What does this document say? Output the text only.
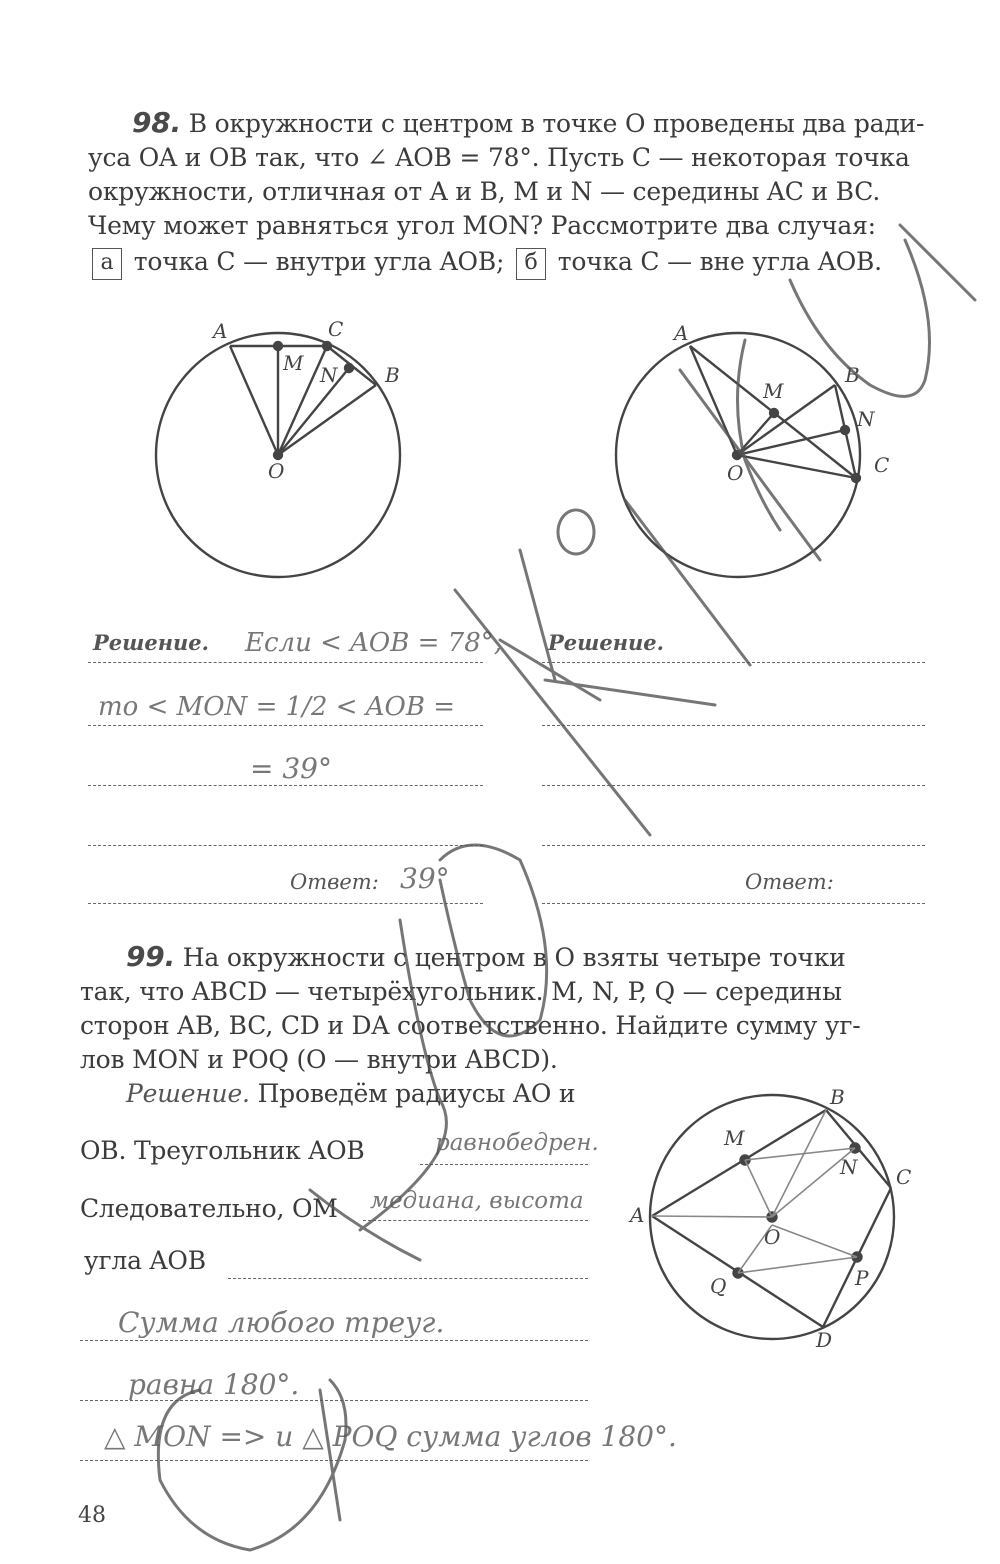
98. В окружности с центром в точке O проведены два ради-
уса OA и OB так, что ∠ AOB = 78°. Пусть C — некоторая точка
окружности, отличная от A и B, M и N — середины AC и BC.
Чему может равняться угол MON? Рассмотрите два случая:
а точка C — внутри угла AOB; б точка C — вне угла AOB.
A	C
M N B
O
A
M
B
N
O	C
B
M
N C
A
O
P
Q
D
Решение. Если < AOB = 78°,
то < MON = 1/2 < AOB =
= 39°
Ответ: 39°
Решение.
Ответ:
99. На окружности с центром в O взяты четыре точки
так, что ABCD — четырёхугольник. M, N, P, Q — середины
сторон AB, BC, CD и DA соответственно. Найдите сумму уг-
лов MON и POQ (O — внутри ABCD).
Решение. Проведём радиусы AO и
OB. Треугольник AOB	равнобедрен.
Следовательно, OM медиана, высота
угла AOB
Сумма любого треуг.
равна 180°.
△ MON => и △ POQ сумма углов 180°.
48
